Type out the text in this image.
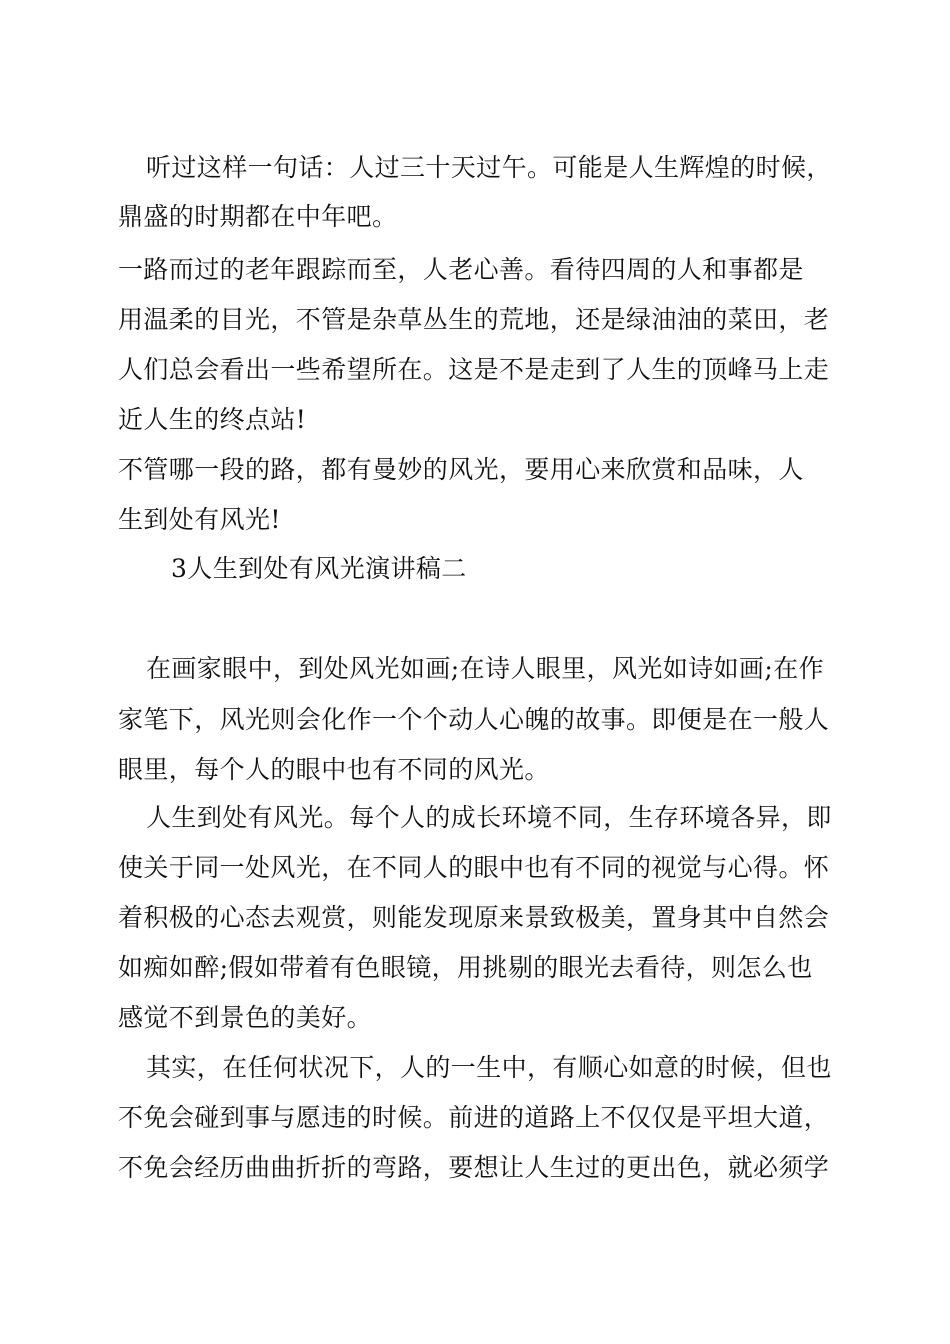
听过这样一句话：人过三十天过午。可能是人生辉煌的时候，
鼎盛的时期都在中年吧。
一路而过的老年跟踪而至，人老心善。看待四周的人和事都是
用温柔的目光，不管是杂草丛生的荒地，还是绿油油的菜田，老
人们总会看出一些希望所在。这是不是走到了人生的顶峰马上走
近人生的终点站!
不管哪一段的路，都有曼妙的风光，要用心来欣赏和品味，人
生到处有风光!
3人生到处有风光演讲稿二
在画家眼中，到处风光如画;在诗人眼里，风光如诗如画;在作
家笔下，风光则会化作一个个动人心魄的故事。即便是在一般人
眼里，每个人的眼中也有不同的风光。
人生到处有风光。每个人的成长环境不同，生存环境各异，即
使关于同一处风光，在不同人的眼中也有不同的视觉与心得。怀
着积极的心态去观赏，则能发现原来景致极美，置身其中自然会
如痴如醉;假如带着有色眼镜，用挑剔的眼光去看待，则怎么也
感觉不到景色的美好。
其实，在任何状况下，人的一生中，有顺心如意的时候，但也
不免会碰到事与愿违的时候。前进的道路上不仅仅是平坦大道，
不免会经历曲曲折折的弯路，要想让人生过的更出色，就必须学
